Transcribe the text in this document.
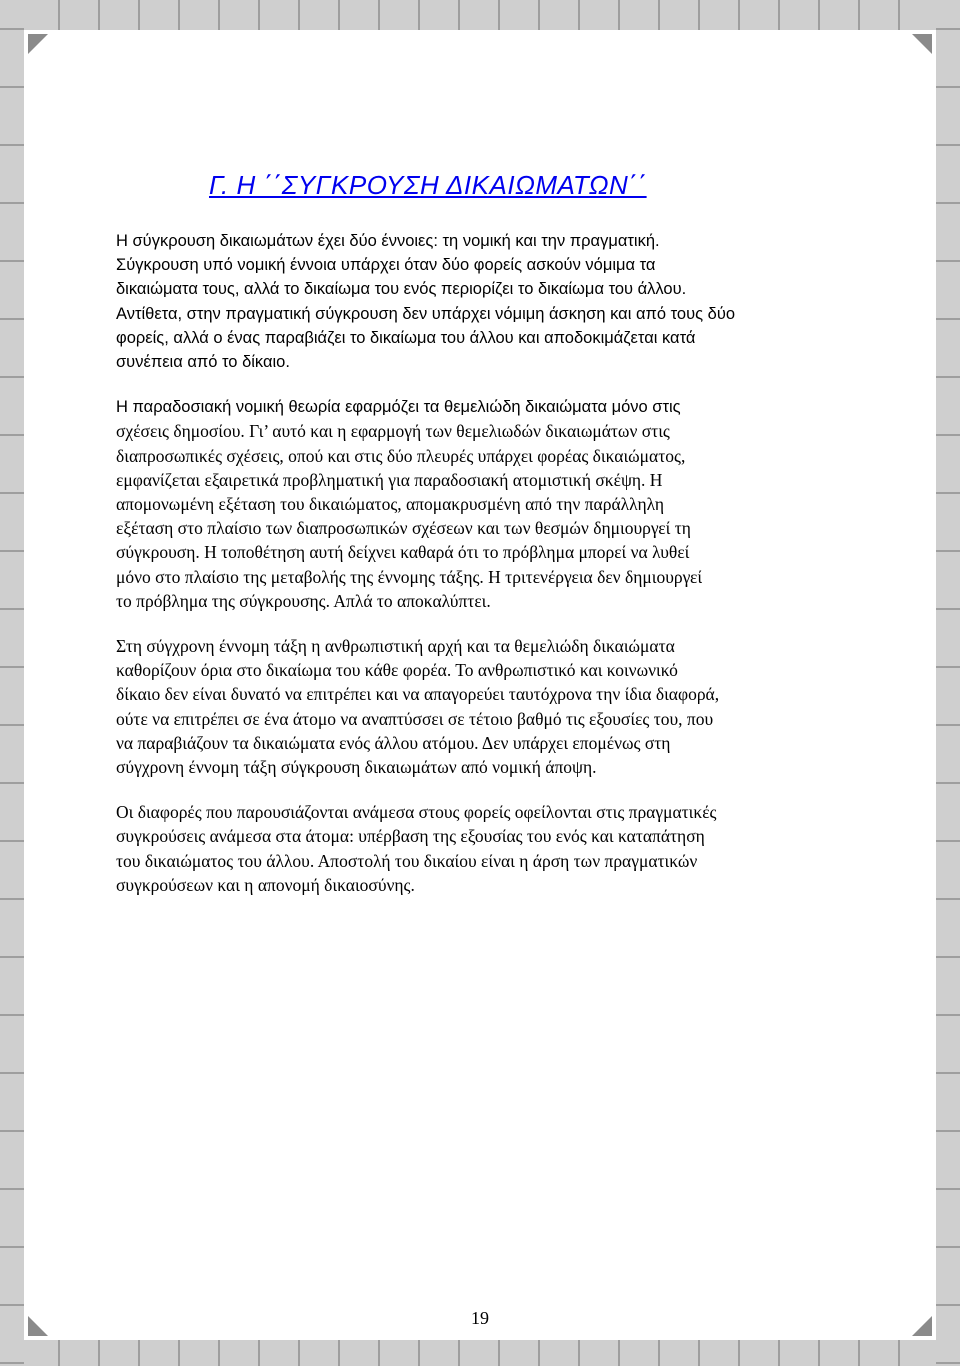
Γ. Η ΄΄ΣΥΓΚΡΟΥΣΗ ΔΙΚΑΙΩΜΑΤΩΝ΄΄

Η σύγκρουση δικαιωμάτων έχει δύο έννοιες: τη νομική και την πραγματική.
Σύγκρουση υπό νομική έννοια υπάρχει όταν δύο φορείς ασκούν νόμιμα τα
δικαιώματα τους, αλλά το δικαίωμα του ενός περιορίζει το δικαίωμα του άλλου.
Αντίθετα, στην πραγματική σύγκρουση δεν υπάρχει νόμιμη άσκηση και από τους δύο
φορείς, αλλά ο ένας παραβιάζει το δικαίωμα του άλλου και αποδοκιμάζεται κατά
συνέπεια από το δίκαιο.

Η παραδοσιακή νομική θεωρία εφαρμόζει τα θεμελιώδη δικαιώματα μόνο στις

σχέσεις δημοσίου. Γι’ αυτό και η εφαρμογή των θεμελιωδών δικαιωμάτων στις
διαπροσωπικές σχέσεις, οπού και στις δύο πλευρές υπάρχει φορέας δικαιώματος,
εμφανίζεται εξαιρετικά προβληματική για παραδοσιακή ατομιστική σκέψη. Η
απομονωμένη εξέταση του δικαιώματος, απομακρυσμένη από την παράλληλη
εξέταση στο πλαίσιο των διαπροσωπικών σχέσεων και των θεσμών δημιουργεί τη
σύγκρουση. Η τοποθέτηση αυτή δείχνει καθαρά ότι το πρόβλημα μπορεί να λυθεί
μόνο στο πλαίσιο της μεταβολής της έννομης τάξης. Η τριτενέργεια δεν δημιουργεί
το πρόβλημα της σύγκρουσης. Απλά το αποκαλύπτει.

Στη σύγχρονη έννομη τάξη η ανθρωπιστική αρχή και τα θεμελιώδη δικαιώματα
καθορίζουν όρια στο δικαίωμα του κάθε φορέα. Το ανθρωπιστικό και κοινωνικό
δίκαιο δεν είναι δυνατό να επιτρέπει και να απαγορεύει ταυτόχρονα την ίδια διαφορά,
ούτε να επιτρέπει σε ένα άτομο να αναπτύσσει σε τέτοιο βαθμό τις εξουσίες του, που
να παραβιάζουν τα δικαιώματα ενός άλλου ατόμου. Δεν υπάρχει επομένως στη
σύγχρονη έννομη τάξη σύγκρουση δικαιωμάτων από νομική άποψη.

Οι διαφορές που παρουσιάζονται ανάμεσα στους φορείς οφείλονται στις πραγματικές
συγκρούσεις ανάμεσα στα άτομα: υπέρβαση της εξουσίας του ενός και καταπάτηση
του δικαιώματος του άλλου. Αποστολή του δικαίου είναι η άρση των πραγματικών
συγκρούσεων και η απονομή δικαιοσύνης.

19
